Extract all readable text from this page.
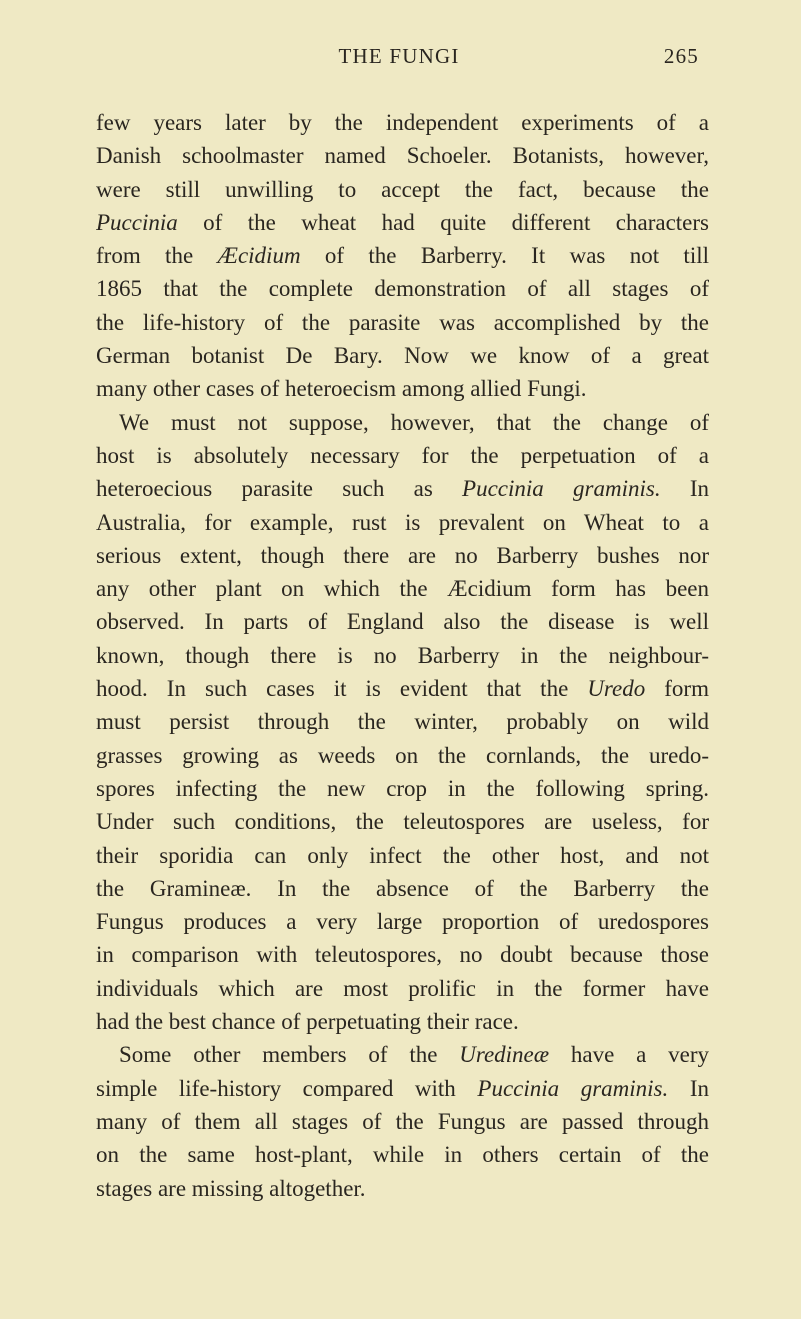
THE FUNGI	265
few years later by the independent experiments of a
Danish schoolmaster named Schoeler. Botanists, however,
were still unwilling to accept the fact, because the
Puccinia of the wheat had quite different characters
from the Æcidium of the Barberry. It was not till
1865 that the complete demonstration of all stages of
the life-history of the parasite was accomplished by the
German botanist De Bary. Now we know of a great
many other cases of heteroecism among allied Fungi.
We must not suppose, however, that the change of
host is absolutely necessary for the perpetuation of a
heteroecious parasite such as Puccinia graminis. In
Australia, for example, rust is prevalent on Wheat to a
serious extent, though there are no Barberry bushes nor
any other plant on which the Æcidium form has been
observed. In parts of England also the disease is well
known, though there is no Barberry in the neighbour-
hood. In such cases it is evident that the Uredo form
must persist through the winter, probably on wild
grasses growing as weeds on the cornlands, the uredo-
spores infecting the new crop in the following spring.
Under such conditions, the teleutospores are useless, for
their sporidia can only infect the other host, and not
the Gramineæ. In the absence of the Barberry the
Fungus produces a very large proportion of uredospores
in comparison with teleutospores, no doubt because those
individuals which are most prolific in the former have
had the best chance of perpetuating their race.
Some other members of the Uredineæ have a very
simple life-history compared with Puccinia graminis. In
many of them all stages of the Fungus are passed through
on the same host-plant, while in others certain of the
stages are missing altogether.
